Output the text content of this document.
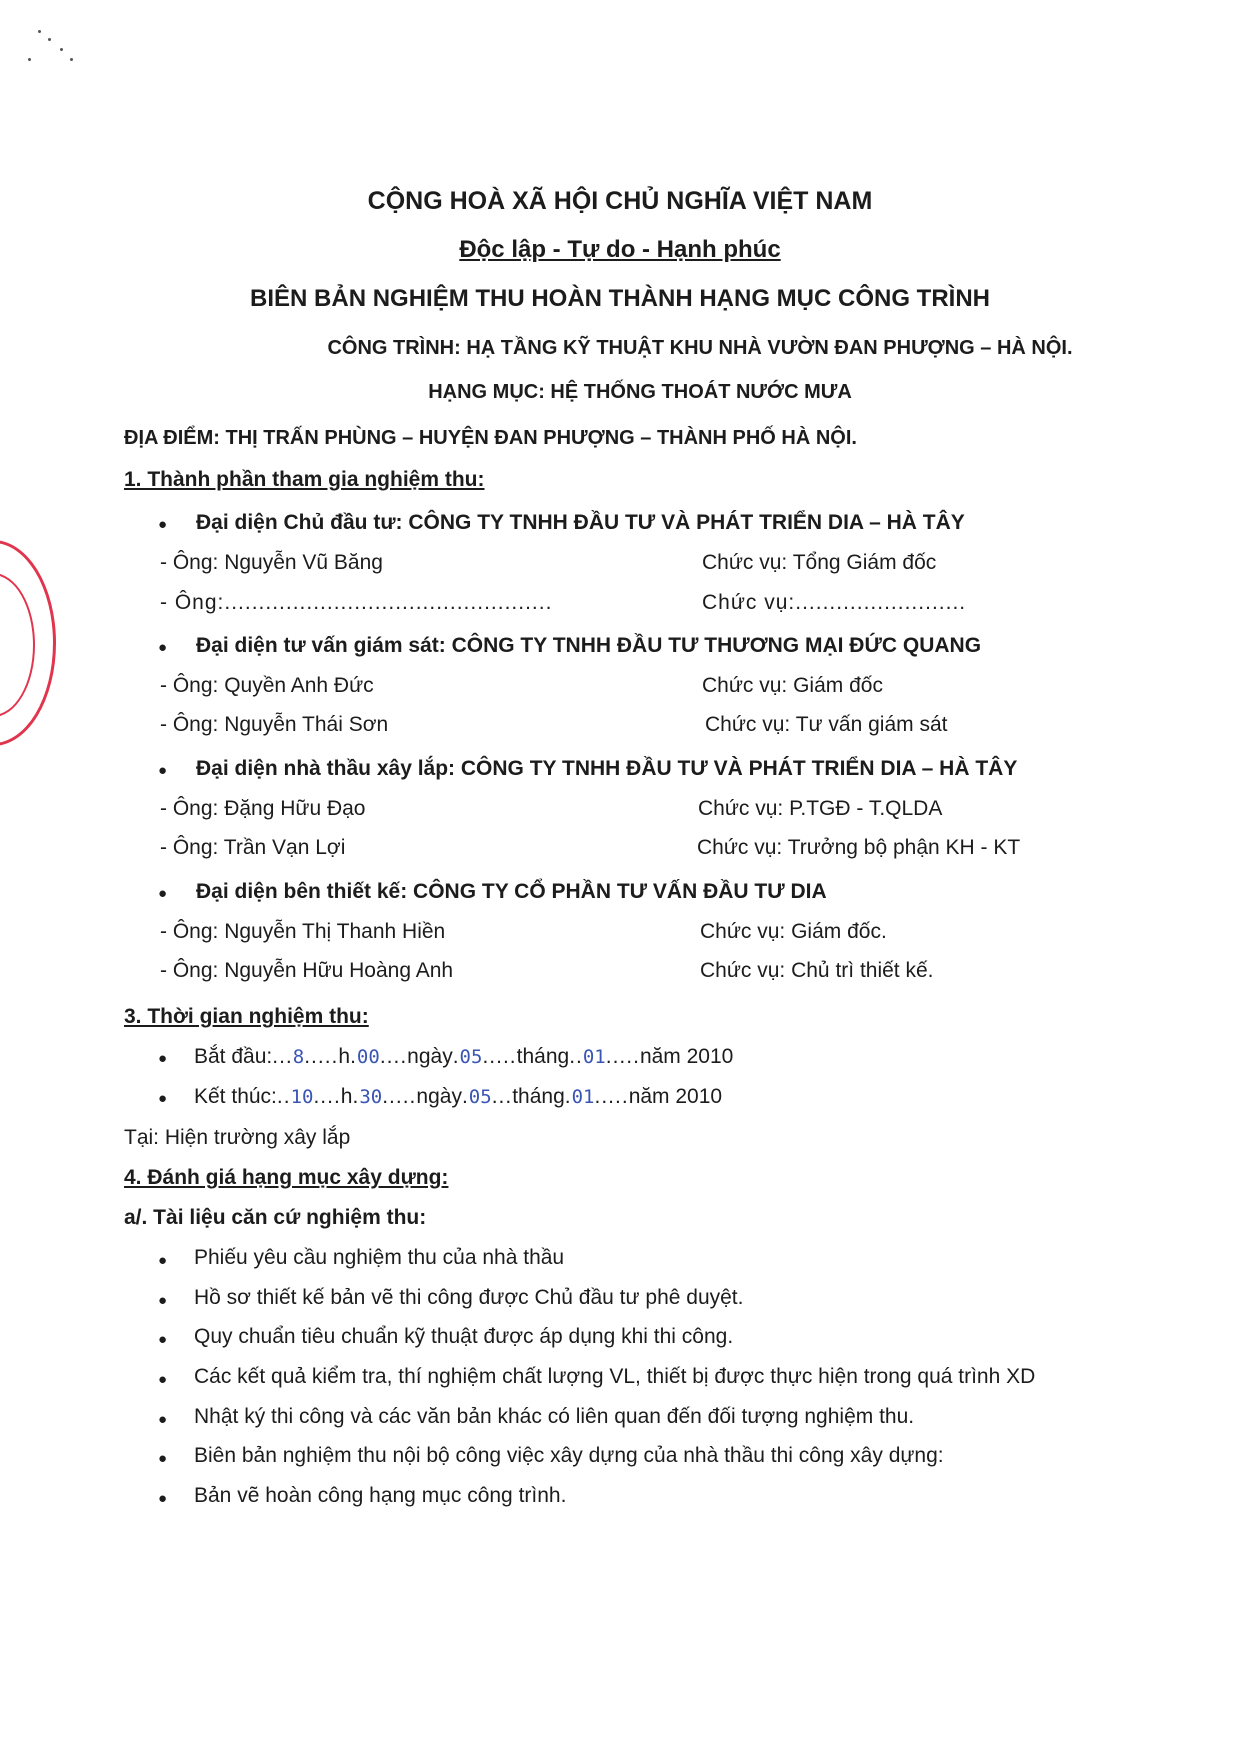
CỘNG HOÀ XÃ HỘI CHỦ NGHĨA VIỆT NAM
Độc lập - Tự do - Hạnh phúc
BIÊN BẢN NGHIỆM THU HOÀN THÀNH HẠNG MỤC CÔNG TRÌNH
CÔNG TRÌNH: HẠ TẦNG KỸ THUẬT KHU NHÀ VƯỜN ĐAN PHƯỢNG – HÀ NỘI.
HẠNG MỤC: HỆ THỐNG THOÁT NƯỚC MƯA
ĐỊA ĐIỂM: THỊ TRẤN PHÙNG – HUYỆN ĐAN PHƯỢNG – THÀNH PHỐ HÀ NỘI.
1. Thành phần tham gia nghiệm thu:
● Đại diện Chủ đầu tư: CÔNG TY TNHH ĐẦU TƯ VÀ PHÁT TRIỂN DIA – HÀ TÂY
- Ông: Nguyễn Vũ Băng	Chức vụ: Tổng Giám đốc
- Ông:................................................	Chức vụ:.........................
● Đại diện tư vấn giám sát: CÔNG TY TNHH ĐẦU TƯ THƯƠNG MẠI ĐỨC QUANG
- Ông: Quyền Anh Đức	Chức vụ: Giám đốc
- Ông: Nguyễn Thái Sơn	Chức vụ: Tư vấn giám sát
● Đại diện nhà thầu xây lắp: CÔNG TY TNHH ĐẦU TƯ VÀ PHÁT TRIỂN DIA – HÀ TÂY
- Ông: Đặng Hữu Đạo	Chức vụ: P.TGĐ - T.QLDA
- Ông: Trần Vạn Lợi	Chức vụ: Trưởng bộ phận KH - KT
● Đại diện bên thiết kế: CÔNG TY CỔ PHẦN TƯ VẤN ĐẦU TƯ DIA
- Ông: Nguyễn Thị Thanh Hiền	Chức vụ: Giám đốc.
- Ông: Nguyễn Hữu Hoàng Anh	Chức vụ: Chủ trì thiết kế.
3. Thời gian nghiệm thu:
● Bắt đầu:...8.....h.00....ngày.05.....tháng..01.....năm 2010
● Kết thúc:..10....h.30.....ngày.05...tháng.01.....năm 2010
Tại: Hiện trường xây lắp
4. Đánh giá hạng mục xây dựng:
a/. Tài liệu căn cứ nghiệm thu:
● Phiếu yêu cầu nghiệm thu của nhà thầu
● Hồ sơ thiết kế bản vẽ thi công được Chủ đầu tư phê duyệt.
● Quy chuẩn tiêu chuẩn kỹ thuật được áp dụng khi thi công.
● Các kết quả kiểm tra, thí nghiệm chất lượng VL, thiết bị được thực hiện trong quá trình XD
● Nhật ký thi công và các văn bản khác có liên quan đến đối tượng nghiệm thu.
● Biên bản nghiệm thu nội bộ công việc xây dựng của nhà thầu thi công xây dựng:
● Bản vẽ hoàn công hạng mục công trình.
